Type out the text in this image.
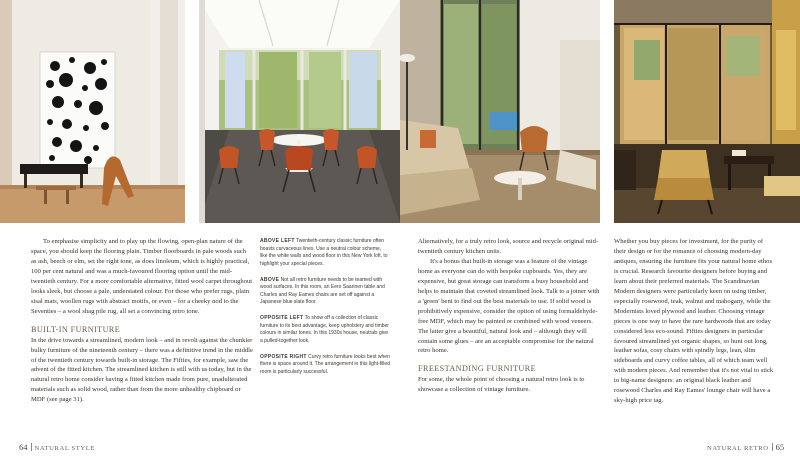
To emphasise simplicity and to play up the flowing, open-plan nature of the space, you should keep the flooring plain. Timber floorboards in pale woods such as ash, beech or elm, set the right tone, as does linoleum, which is highly practical, 100 per cent natural and was a much-favoured flooring option until the mid-twentieth century. For a more comfortable alternative, fitted wool carpet throughout looks sleek, but choose a pale, understated colour. For those who prefer rugs, plain sisal mats, woollen rugs with abstract motifs, or even – for a cheeky nod to the Seventies – a wool shag pile rug, all set a convincing retro tone.

BUILT-IN FURNITURE

In the drive towards a streamlined, modern look – and in revolt against the chunkier bulky furniture of the nineteenth century – there was a definitive trend in the middle of the twentieth century towards built-in storage. The Fifties, for example, saw the advent of the fitted kitchen. The streamlined kitchen is still with us today, but in the natural retro home consider having a fitted kitchen made from pure, unadulterated materials such as solid wood, rather than from the more unhealthy chipboard or MDF (see page 31).

ABOVE LEFT Twentieth-century classic furniture often boasts curvaceous lines. Use a neutral colour scheme, like the white walls and wood floor in this New York loft, to highlight your special pieces.
ABOVE Not all retro furniture needs to be teamed with wood surfaces. In this room, an Eero Saarinen table and Charles and Ray Eames chairs are set off against a Japanese blue slate floor.
OPPOSITE LEFT To show off a collection of classic furniture to its best advantage, keep upholstery and timber colours in similar tones. In this 1930s house, neutrals give a pulled-together look.
OPPOSITE RIGHT Curvy retro furniture looks best when there is space around it. The arrangement in this light-filled room is particularly successful.

Alternatively, for a truly retro look, source and recycle original mid-twentieth century kitchen units.

It's a bonus that built-in storage was a feature of the vintage home as everyone can do with bespoke cupboards. Yes, they are expensive, but great storage can transform a busy household and helps to maintain that coveted streamlined look. Talk to a joiner with a 'green' bent to find out the best materials to use. If solid wood is prohibitively expensive, consider the option of using formaldehyde-free MDF, which may be painted or combined with wood veneers. The latter give a beautiful, natural look and – although they will contain some glues – are an acceptable compromise for the natural retro home.

FREESTANDING FURNITURE

For some, the whole point of choosing a natural retro look is to showcase a collection of vintage furniture.

Whether you buy pieces for investment, for the purity of their design or for the romance of choosing modern-day antiques, ensuring the furniture fits your natural home ethos is crucial. Research favourite designers before buying and learn about their preferred materials. The Scandinavian Modern designers were particularly keen on using timber, especially rosewood, teak, walnut and mahogany, while the Modernists loved plywood and leather. Choosing vintage pieces is one way to have the rare hardwoods that are today considered less eco-sound. Fifties designers in particular favoured streamlined yet organic shapes, so hunt out long, leather sofas, cosy chairs with spindly legs, lean, slim sideboards and curvy coffee tables, all of which team well with modern pieces. And remember that it's not vital to stick to big-name designers: an original black leather and rosewood Charles and Ray Eames' lounge chair will have a sky-high price tag.

64 NATURAL STYLE	NATURAL RETRO 65
